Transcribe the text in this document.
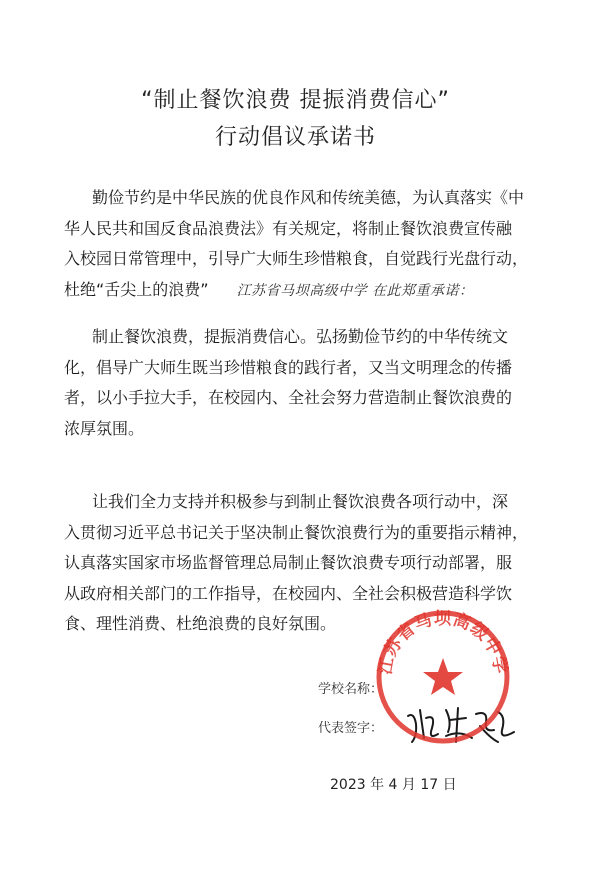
“制止餐饮浪费 提振消费信心”
行动倡议承诺书
勤俭节约是中华民族的优良作风和传统美德，为认真落实《中
华人民共和国反食品浪费法》有关规定，将制止餐饮浪费宣传融
入校园日常管理中，引导广大师生珍惜粮食，自觉践行光盘行动，
杜绝“舌尖上的浪费” 江苏省马坝高级中学 在此郑重承诺：
制止餐饮浪费，提振消费信心。弘扬勤俭节约的中华传统文
化，倡导广大师生既当珍惜粮食的践行者，又当文明理念的传播
者，以小手拉大手，在校园内、全社会努力营造制止餐饮浪费的
浓厚氛围。
让我们全力支持并积极参与到制止餐饮浪费各项行动中，深
入贯彻习近平总书记关于坚决制止餐饮浪费行为的重要指示精神，
认真落实国家市场监督管理总局制止餐饮浪费专项行动部署，服
从政府相关部门的工作指导，在校园内、全社会积极营造科学饮
食、理性消费、杜绝浪费的良好氛围。
学校名称：
代表签字：
江苏省马坝高级中学
2023 年 4 月 17 日
